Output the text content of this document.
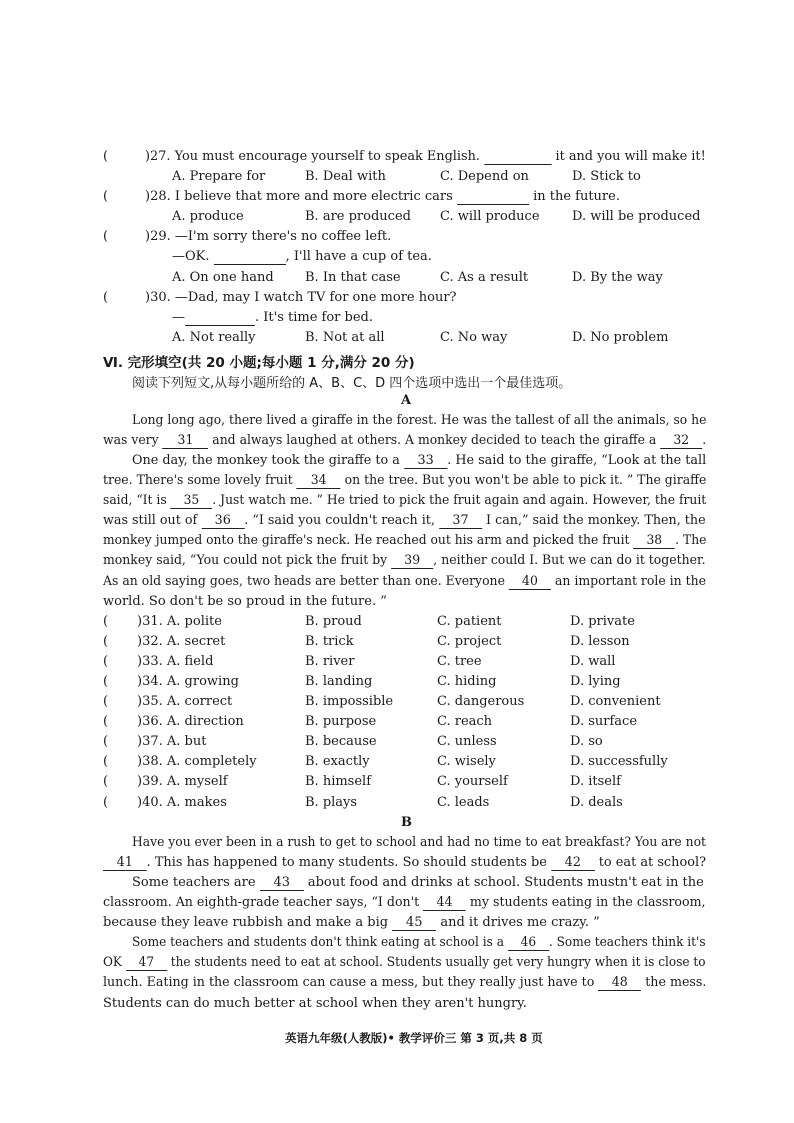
(	)27. You must encourage yourself to speak English.	it and you will make it!
A. Prepare for	B. Deal with	C. Depend on	D. Stick to
(	)28. I believe that more and more electric cars	in the future.
A. produce	B. are produced C. will produce D. will be produced
(	)29. —I'm sorry there's no coffee left.
—OK.	, I'll have a cup of tea.
A. On one hand B. In that case	C. As a result	D. By the way
(	)30. —Dad, may I watch TV for one more hour?
—	. It's time for bed.
A. Not really	B. Not at all	C. No way	D. No problem
Ⅵ. 完形填空(共 20 小题;每小题 1 分,满分 20 分)
阅读下列短文,从每小题所给的 A、B、C、D 四个选项中选出一个最佳选项。
A
Long long ago, there lived a giraffe in the forest. He was the tallest of all the animals, so he
was very 31 and always laughed at others. A monkey decided to teach the giraffe a 32 .
One day, the monkey took the giraffe to a 33 . He said to the giraffe, “Look at the tall
tree. There's some lovely fruit 34 on the tree. But you won't be able to pick it. ” The giraffe
said, “It is 35 . Just watch me. ” He tried to pick the fruit again and again. However, the fruit
was still out of 36 . “I said you couldn't reach it, 37 I can,” said the monkey. Then, the
monkey jumped onto the giraffe's neck. He reached out his arm and picked the fruit 38 . The
monkey said, “You could not pick the fruit by 39 , neither could I. But we can do it together.
As an old saying goes, two heads are better than one. Everyone 40 an important role in the
world. So don't be so proud in the future. ”
( )31. A. polite	B. proud	C. patient	D. private
( )32. A. secret	B. trick	C. project	D. lesson
( )33. A. field	B. river	C. tree	D. wall
( )34. A. growing	B. landing	C. hiding	D. lying
( )35. A. correct	B. impossible	C. dangerous	D. convenient
( )36. A. direction	B. purpose	C. reach	D. surface
( )37. A. but	B. because	C. unless	D. so
( )38. A. completely	B. exactly	C. wisely	D. successfully
( )39. A. myself	B. himself	C. yourself	D. itself
( )40. A. makes	B. plays	C. leads	D. deals
B
Have you ever been in a rush to get to school and had no time to eat breakfast? You are not
41 . This has happened to many students. So should students be 42 to eat at school?
Some teachers are 43 about food and drinks at school. Students mustn't eat in the
classroom. An eighth-grade teacher says, “I don't 44 my students eating in the classroom,
because they leave rubbish and make a big 45 and it drives me crazy. ”
Some teachers and students don't think eating at school is a 46 . Some teachers think it's
OK 47 the students need to eat at school. Students usually get very hungry when it is close to
lunch. Eating in the classroom can cause a mess, but they really just have to 48 the mess.
Students can do much better at school when they aren't hungry.
英语九年级(人教版)• 教学评价三 第 3 页,共 8 页
